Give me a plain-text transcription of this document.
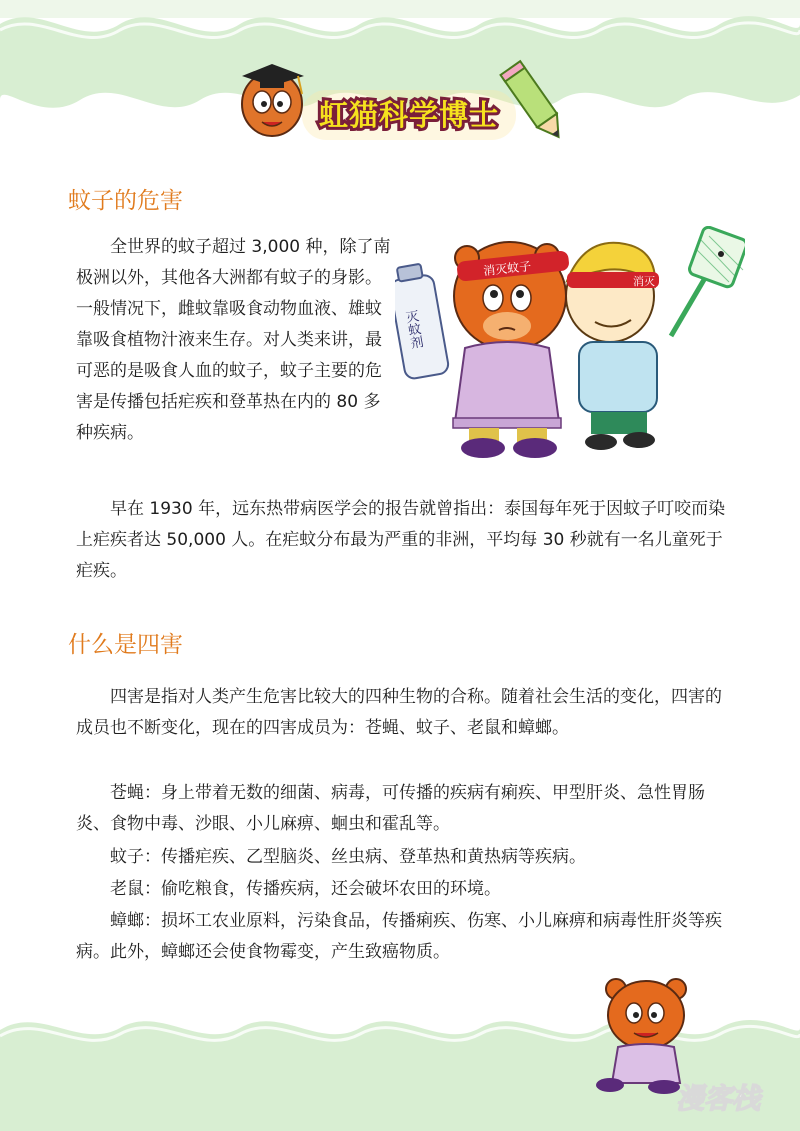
虹猫科学博士
蚊子的危害

全世界的蚊子超过 3,000 种，除了南极洲以外，其他各大洲都有蚊子的身影。一般情况下，雌蚊靠吸食动物血液、雄蚊靠吸食植物汁液来生存。对人类来讲，最可恶的是吸食人血的蚊子，蚊子主要的危害是传播包括疟疾和登革热在内的 80 多种疾病。

早在 1930 年，远东热带病医学会的报告就曾指出：泰国每年死于因蚊子叮咬而染上疟疾者达 50,000 人。在疟蚊分布最为严重的非洲，平均每 30 秒就有一名儿童死于疟疾。

消灭
消灭蚊子
灭蚊剂
什么是四害

四害是指对人类产生危害比较大的四种生物的合称。随着社会生活的变化，四害的成员也不断变化，现在的四害成员为：苍蝇、蚊子、老鼠和蟑螂。

苍蝇：身上带着无数的细菌、病毒，可传播的疾病有痢疾、甲型肝炎、急性胃肠炎、食物中毒、沙眼、小儿麻痹、蛔虫和霍乱等。

蚊子：传播疟疾、乙型脑炎、丝虫病、登革热和黄热病等疾病。

老鼠：偷吃粮食，传播疾病，还会破坏农田的环境。

蟑螂：损坏工农业原料，污染食品，传播痢疾、伤寒、小儿麻痹和病毒性肝炎等疾病。此外，蟑螂还会使食物霉变，产生致癌物质。

漫客栈
